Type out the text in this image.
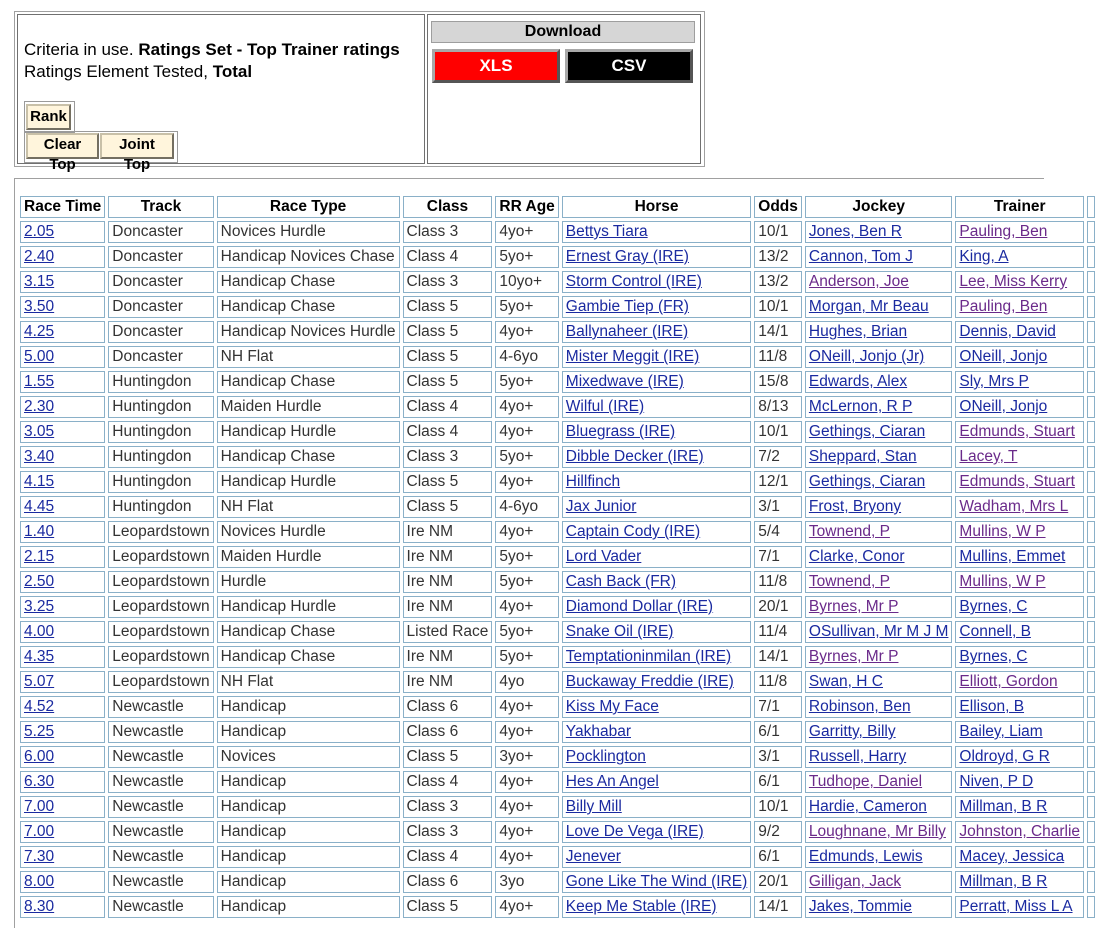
Criteria in use. Ratings Set - Top Trainer ratings
Ratings Element Tested, Total
Rank
Clear Top
Joint Top
Download
XLS	CSV
Race Time	Track	Race Type	Class	RR Age	Horse	Odds	Jockey	Trainer	
2.05	Doncaster	Novices Hurdle	Class 3	4yo+	Bettys Tiara	10/1	Jones, Ben R	Pauling, Ben	
2.40	Doncaster	Handicap Novices Chase	Class 4	5yo+	Ernest Gray (IRE)	13/2	Cannon, Tom J	King, A	
3.15	Doncaster	Handicap Chase	Class 3	10yo+	Storm Control (IRE)	13/2	Anderson, Joe	Lee, Miss Kerry	
3.50	Doncaster	Handicap Chase	Class 5	5yo+	Gambie Tiep (FR)	10/1	Morgan, Mr Beau	Pauling, Ben	
4.25	Doncaster	Handicap Novices Hurdle	Class 5	4yo+	Ballynaheer (IRE)	14/1	Hughes, Brian	Dennis, David	
5.00	Doncaster	NH Flat	Class 5	4-6yo	Mister Meggit (IRE)	11/8	ONeill, Jonjo (Jr)	ONeill, Jonjo	
1.55	Huntingdon	Handicap Chase	Class 5	5yo+	Mixedwave (IRE)	15/8	Edwards, Alex	Sly, Mrs P	
2.30	Huntingdon	Maiden Hurdle	Class 4	4yo+	Wilful (IRE)	8/13	McLernon, R P	ONeill, Jonjo	
3.05	Huntingdon	Handicap Hurdle	Class 4	4yo+	Bluegrass (IRE)	10/1	Gethings, Ciaran	Edmunds, Stuart	
3.40	Huntingdon	Handicap Chase	Class 3	5yo+	Dibble Decker (IRE)	7/2	Sheppard, Stan	Lacey, T	
4.15	Huntingdon	Handicap Hurdle	Class 5	4yo+	Hillfinch	12/1	Gethings, Ciaran	Edmunds, Stuart	
4.45	Huntingdon	NH Flat	Class 5	4-6yo	Jax Junior	3/1	Frost, Bryony	Wadham, Mrs L	
1.40	Leopardstown	Novices Hurdle	Ire NM	4yo+	Captain Cody (IRE)	5/4	Townend, P	Mullins, W P	
2.15	Leopardstown	Maiden Hurdle	Ire NM	5yo+	Lord Vader	7/1	Clarke, Conor	Mullins, Emmet	
2.50	Leopardstown	Hurdle	Ire NM	5yo+	Cash Back (FR)	11/8	Townend, P	Mullins, W P	
3.25	Leopardstown	Handicap Hurdle	Ire NM	4yo+	Diamond Dollar (IRE)	20/1	Byrnes, Mr P	Byrnes, C	
4.00	Leopardstown	Handicap Chase	Listed Race	5yo+	Snake Oil (IRE)	11/4	OSullivan, Mr M J M	Connell, B	
4.35	Leopardstown	Handicap Chase	Ire NM	5yo+	Temptationinmilan (IRE)	14/1	Byrnes, Mr P	Byrnes, C	
5.07	Leopardstown	NH Flat	Ire NM	4yo	Buckaway Freddie (IRE)	11/8	Swan, H C	Elliott, Gordon	
4.52	Newcastle	Handicap	Class 6	4yo+	Kiss My Face	7/1	Robinson, Ben	Ellison, B	
5.25	Newcastle	Handicap	Class 6	4yo+	Yakhabar	6/1	Garritty, Billy	Bailey, Liam	
6.00	Newcastle	Novices	Class 5	3yo+	Pocklington	3/1	Russell, Harry	Oldroyd, G R	
6.30	Newcastle	Handicap	Class 4	4yo+	Hes An Angel	6/1	Tudhope, Daniel	Niven, P D	
7.00	Newcastle	Handicap	Class 3	4yo+	Billy Mill	10/1	Hardie, Cameron	Millman, B R	
7.00	Newcastle	Handicap	Class 3	4yo+	Love De Vega (IRE)	9/2	Loughnane, Mr Billy	Johnston, Charlie	
7.30	Newcastle	Handicap	Class 4	4yo+	Jenever	6/1	Edmunds, Lewis	Macey, Jessica	
8.00	Newcastle	Handicap	Class 6	3yo	Gone Like The Wind (IRE)	20/1	Gilligan, Jack	Millman, B R	
8.30	Newcastle	Handicap	Class 5	4yo+	Keep Me Stable (IRE)	14/1	Jakes, Tommie	Perratt, Miss L A	
